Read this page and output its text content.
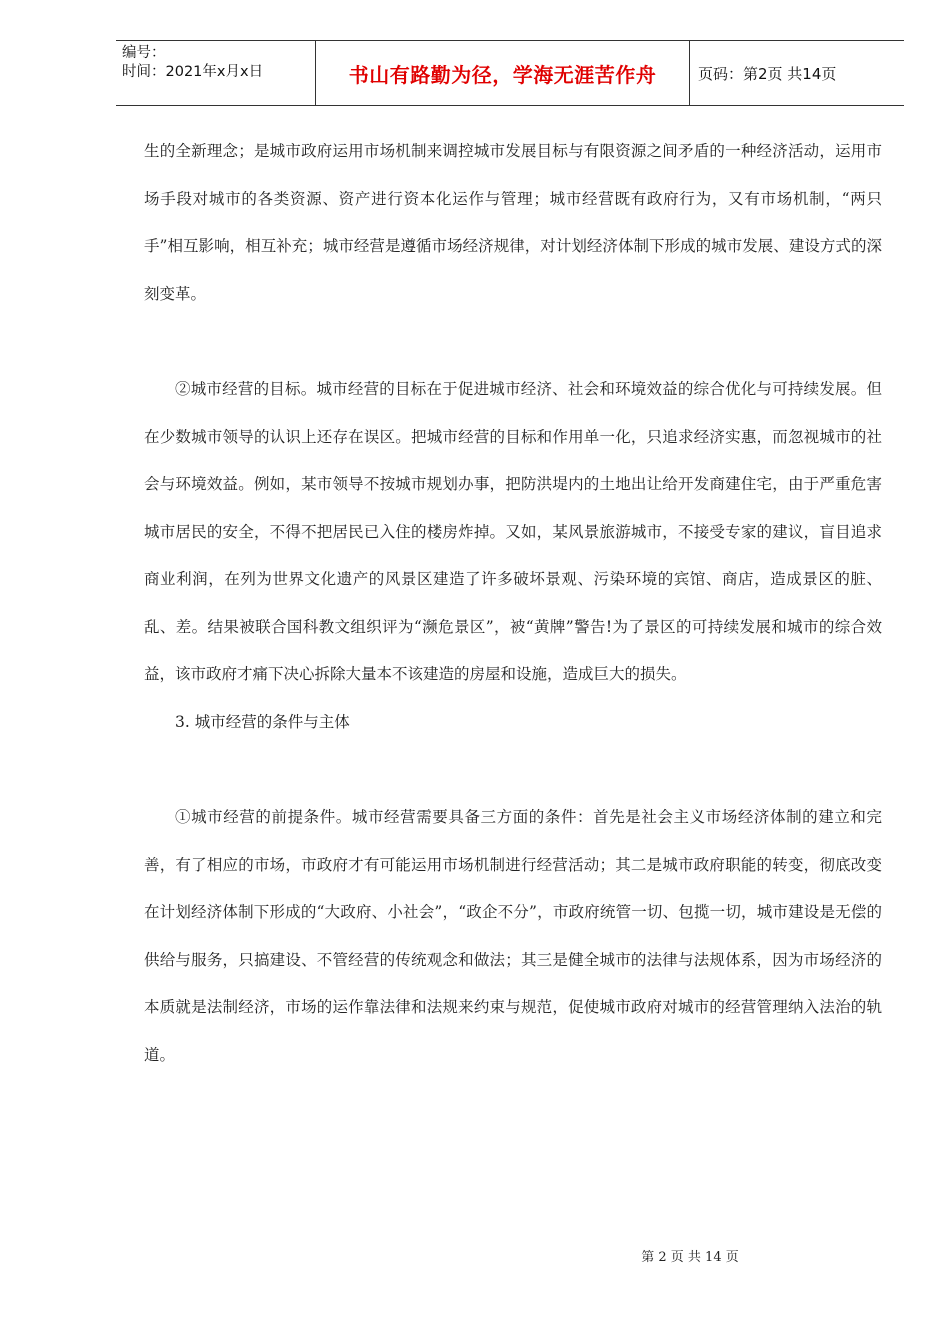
编号：
时间：2021年x月x日	书山有路勤为径，学海无涯苦作舟	页码：第2页 共14页

生的全新理念；是城市政府运用市场机制来调控城市发展目标与有限资源之间矛盾的一种经济活动，运用市场手段对城市的各类资源、资产进行资本化运作与管理；城市经营既有政府行为，又有市场机制，“两只手”相互影响，相互补充；城市经营是遵循市场经济规律，对计划经济体制下形成的城市发展、建设方式的深刻变革。

②城市经营的目标。城市经营的目标在于促进城市经济、社会和环境效益的综合优化与可持续发展。但在少数城市领导的认识上还存在误区。把城市经营的目标和作用单一化，只追求经济实惠，而忽视城市的社会与环境效益。例如，某市领导不按城市规划办事，把防洪堤内的土地出让给开发商建住宅，由于严重危害城市居民的安全，不得不把居民已入住的楼房炸掉。又如，某风景旅游城市，不接受专家的建议，盲目追求商业利润，在列为世界文化遗产的风景区建造了许多破坏景观、污染环境的宾馆、商店，造成景区的脏、乱、差。结果被联合国科教文组织评为“濒危景区”，被“黄牌”警告!为了景区的可持续发展和城市的综合效益，该市政府才痛下决心拆除大量本不该建造的房屋和设施，造成巨大的损失。

3. 城市经营的条件与主体

①城市经营的前提条件。城市经营需要具备三方面的条件：首先是社会主义市场经济体制的建立和完善，有了相应的市场，市政府才有可能运用市场机制进行经营活动；其二是城市政府职能的转变，彻底改变在计划经济体制下形成的“大政府、小社会”，“政企不分”，市政府统管一切、包揽一切，城市建设是无偿的供给与服务，只搞建设、不管经营的传统观念和做法；其三是健全城市的法律与法规体系，因为市场经济的本质就是法制经济，市场的运作靠法律和法规来约束与规范，促使城市政府对城市的经营管理纳入法治的轨道。

第 2 页 共 14 页
